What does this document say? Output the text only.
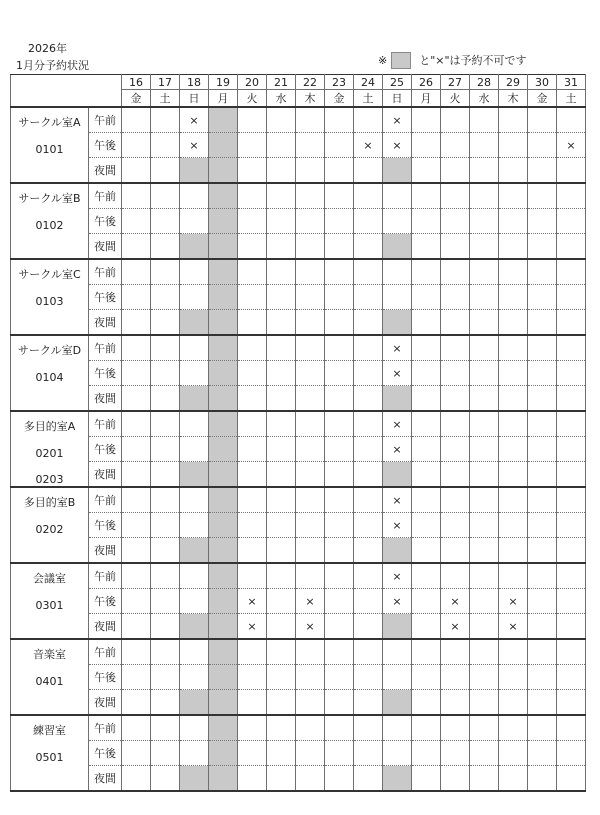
2026年
1月分予約状況	※	と"×"は予約不可です
		16	17	18	19	20	21	22	23	24	25	26	27	28	29	30	31
		金	土	日	月	火	水	木	金	土	日	月	火	水	木	金	土

サークル室A
0101	午前			×							×						
	午後			×						×	×						×
	夜間																

サークル室B
0102	午前																
	午後																
	夜間																

サークル室C
0103	午前																
	午後																
	夜間																

サークル室D
0104	午前										×						
	午後										×						
	夜間																

多目的室A
0201
0203	午前										×						
	午後										×						
	夜間																

多目的室B
0202	午前										×						
	午後										×						
	夜間																

会議室
0301	午前										×						
	午後					×		×			×		×		×		
	夜間					×		×					×		×		

音楽室
0401	午前																
	午後																
	夜間																

練習室
0501	午前																
	午後																
	夜間																
